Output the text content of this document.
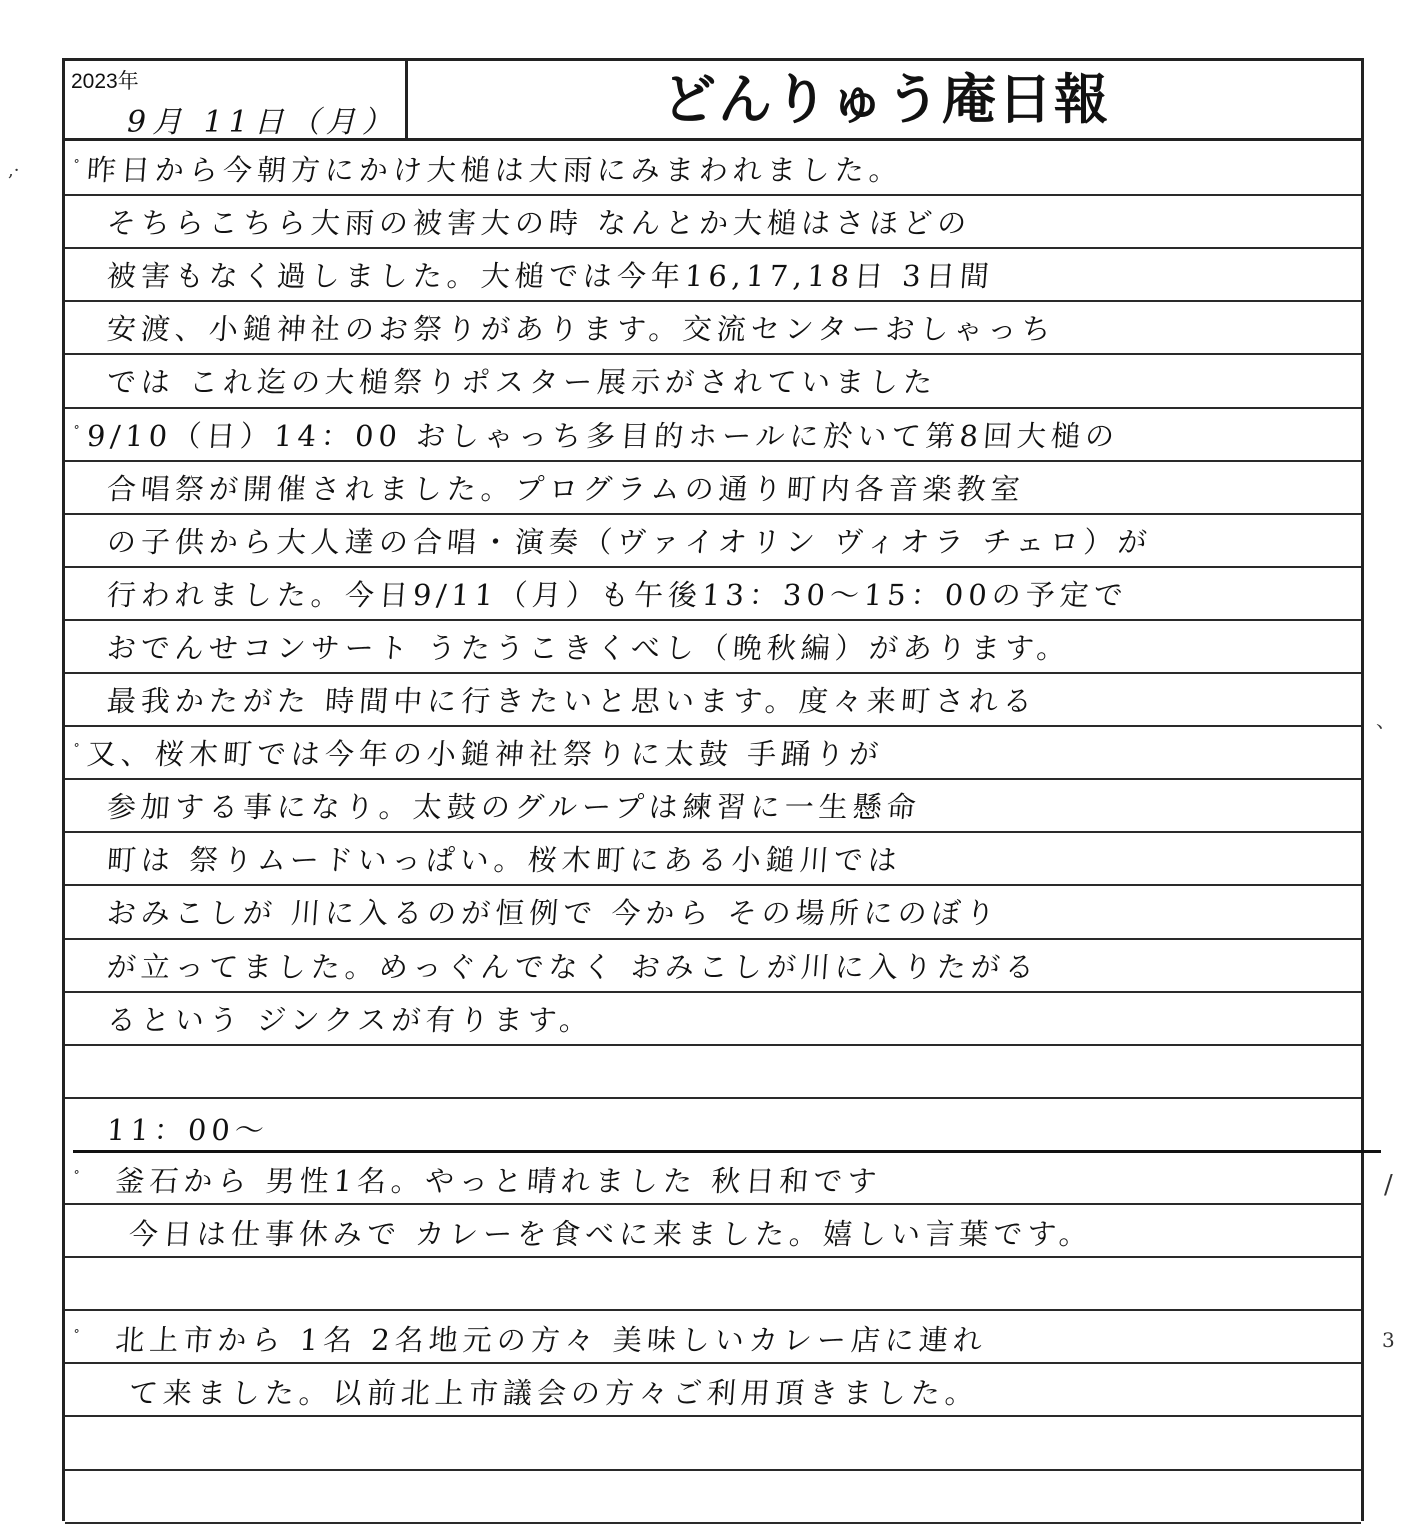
2023年
9月 11日（月）	どんりゅう庵日報
° 昨日から今朝方にかけ大槌は大雨にみまわれました。
そちらこちら大雨の被害大の時 なんとか大槌はさほどの
被害もなく過しました。大槌では今年16,17,18日 3日間
安渡、小鎚神社のお祭りがあります。交流センターおしゃっち
では これ迄の大槌祭りポスター展示がされていました
° 9/10（日）14：00 おしゃっち多目的ホールに於いて第8回大槌の
合唱祭が開催されました。プログラムの通り町内各音楽教室
の子供から大人達の合唱・演奏（ヴァイオリン ヴィオラ チェロ）が
行われました。今日9/11（月）も午後13：30〜15：00の予定で
おでんせコンサート うたうこきくべし（晩秋編）があります。
最我かたがた 時間中に行きたいと思います。度々来町される
° 又、桜木町では今年の小鎚神社祭りに太鼓 手踊りが
参加する事になり。太鼓のグループは練習に一生懸命
町は 祭りムードいっぱい。桜木町にある小鎚川では
おみこしが 川に入るのが恒例で 今から その場所にのぼり
が立ってました。めっぐんでなく おみこしが川に入りたがる
るという ジンクスが有ります。
11：00〜
° 釜石から 男性1名。やっと晴れました 秋日和です
今日は仕事休みで カレーを食べに来ました。嬉しい言葉です。
° 北上市から 1名 2名地元の方々 美味しいカレー店に連れ
て来ました。以前北上市議会の方々ご利用頂きました。
,·
、
/
3
